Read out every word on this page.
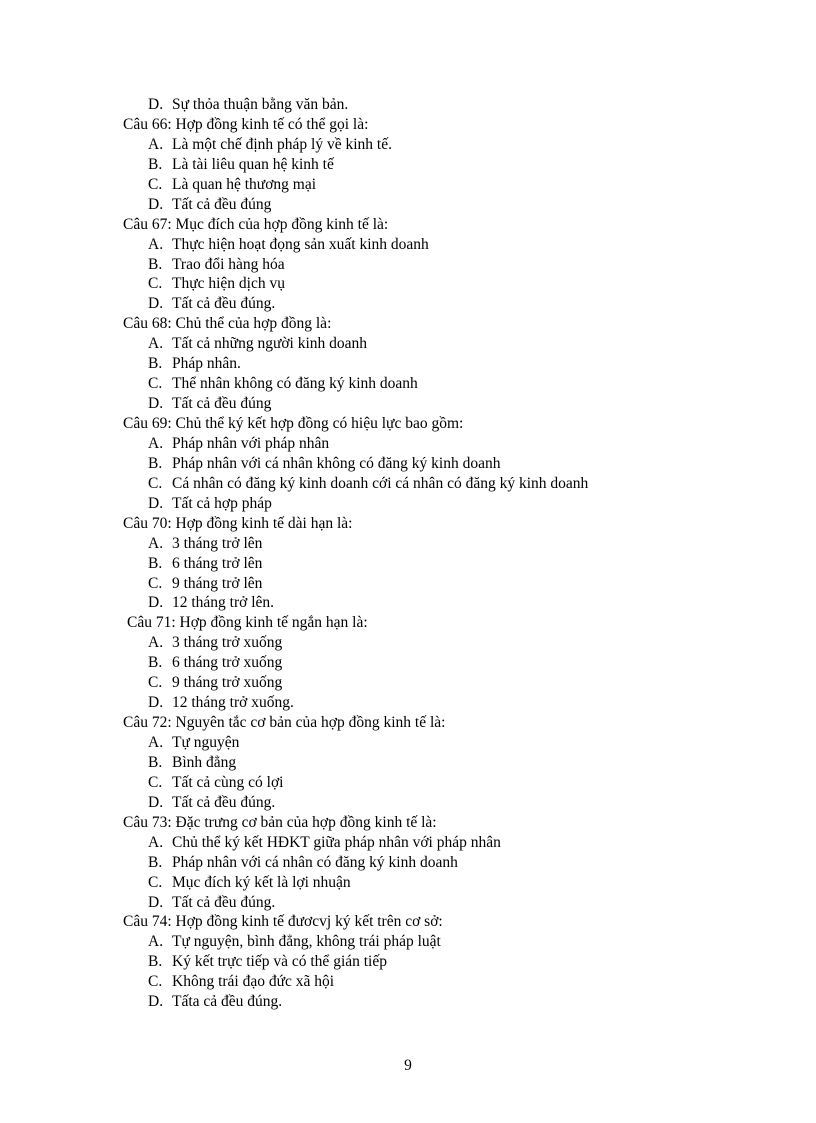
D. Sự thỏa thuận bằng văn bản.
Câu 66: Hợp đồng kinh tế có thể gọi là:
A. Là một chế định pháp lý về kinh tế.
B. Là tài liêu quan hệ kinh tế
C. Là quan hệ thương mại
D. Tất cả đều đúng
Câu 67: Mục đích của hợp đồng kinh tế là:
A. Thực hiện hoạt đọng sản xuất kinh doanh
B. Trao đổi hàng hóa
C. Thực hiện dịch vụ
D. Tất cả đều đúng.
Câu 68: Chủ thể của hợp đồng là:
A. Tất cả những người kinh doanh
B. Pháp nhân.
C. Thể nhân không có đăng ký kinh doanh
D. Tất cả đều đúng
Câu 69: Chủ thể ký kết hợp đồng có hiệu lực bao gồm:
A. Pháp nhân với pháp nhân
B. Pháp nhân với cá nhân không có đăng ký kinh doanh
C. Cá nhân có đăng ký kinh doanh cới cá nhân có đăng ký kinh doanh
D. Tất cả hợp pháp
Câu 70: Hợp đồng kinh tế dài hạn là:
A. 3 tháng trở lên
B. 6 tháng trở lên
C. 9 tháng trở lên
D. 12 tháng trở lên.
Câu 71: Hợp đồng kinh tế ngắn hạn là:
A. 3 tháng trở xuống
B. 6 tháng trở xuống
C. 9 tháng trở xuống
D. 12 tháng trở xuống.
Câu 72: Nguyên tắc cơ bản của hợp đồng kinh tế là:
A. Tự nguyện
B. Bình đẳng
C. Tất cả cùng có lợi
D. Tất cả đều đúng.
Câu 73: Đặc trưng cơ bản của hợp đồng kinh tế là:
A. Chủ thể ký kết HĐKT giữa pháp nhân với pháp nhân
B. Pháp nhân với cá nhân có đăng ký kinh doanh
C. Mục đích ký kết là lợi nhuận
D. Tất cả đều đúng.
Câu 74: Hợp đồng kinh tế đươcvj ký kết trên cơ sở:
A. Tự nguyện, bình đẳng, không trái pháp luật
B. Ký kết trực tiếp và có thể gián tiếp
C. Không trái đạo đức xã hội
D. Tấta cả đều đúng.
9
